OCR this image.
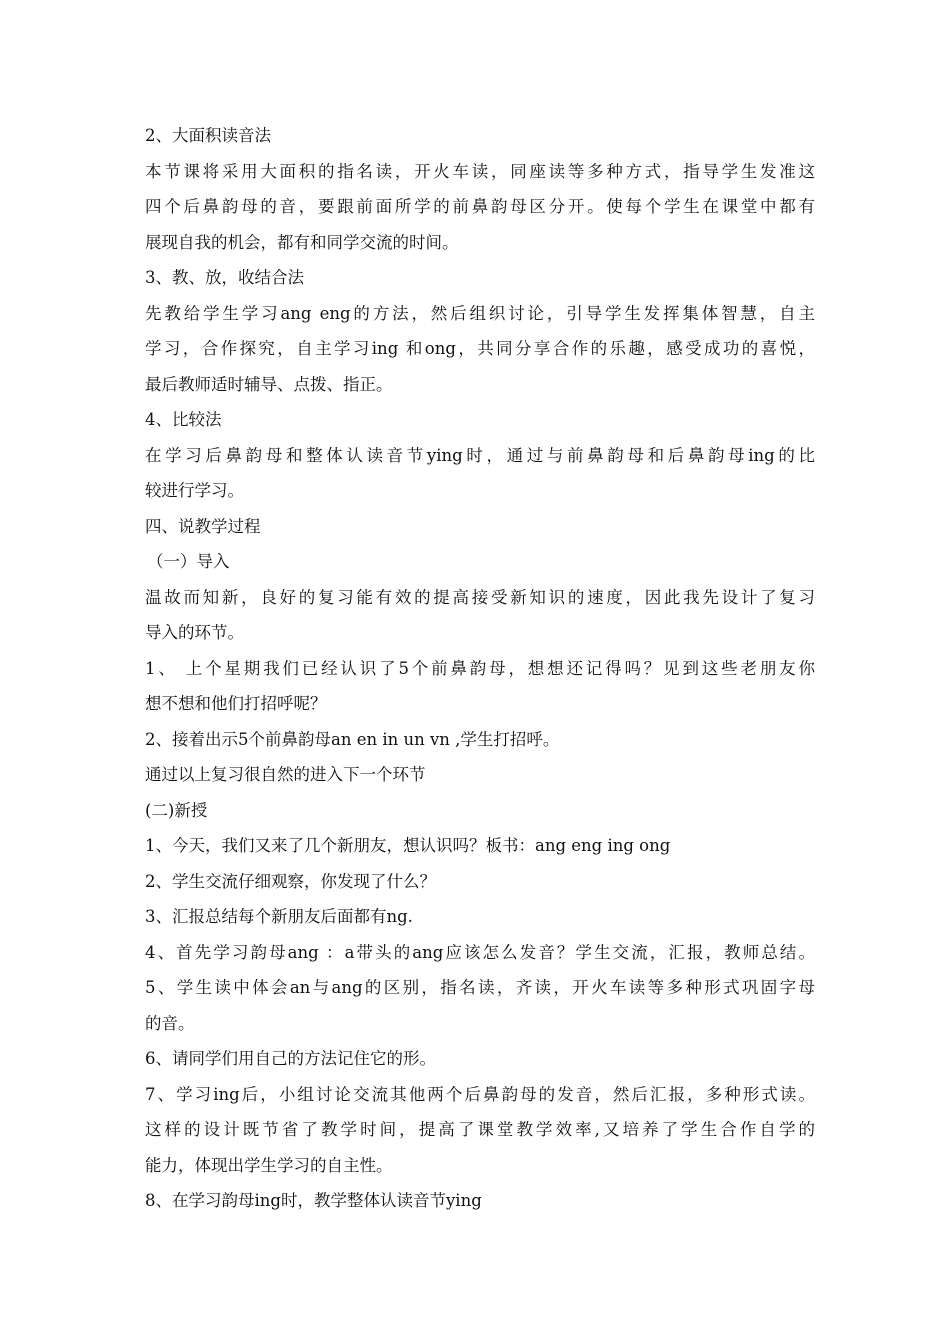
2、大面积读音法
本节课将采用大面积的指名读，开火车读，同座读等多种方式，指导学生发准这
四个后鼻韵母的音，要跟前面所学的前鼻韵母区分开。使每个学生在课堂中都有
展现自我的机会，都有和同学交流的时间。
3、教、放，收结合法
先教给学生学习ang eng的方法，然后组织讨论，引导学生发挥集体智慧，自主
学习，合作探究，自主学习ing 和ong，共同分享合作的乐趣，感受成功的喜悦，
最后教师适时辅导、点拨、指正。
4、比较法
在学习后鼻韵母和整体认读音节ying时，通过与前鼻韵母和后鼻韵母ing的比
较进行学习。
四、说教学过程
（一）导入
温故而知新，良好的复习能有效的提高接受新知识的速度，因此我先设计了复习
导入的环节。
1、 上个星期我们已经认识了5个前鼻韵母，想想还记得吗？见到这些老朋友你
想不想和他们打招呼呢？
2、接着出示5个前鼻韵母an en in un vn ,学生打招呼。
通过以上复习很自然的进入下一个环节
(二)新授
1、今天，我们又来了几个新朋友，想认识吗？板书：ang eng ing ong
2、学生交流仔细观察，你发现了什么？
3、汇报总结每个新朋友后面都有ng.
4、首先学习韵母ang ：a带头的ang应该怎么发音？学生交流，汇报，教师总结。
5、学生读中体会an与ang的区别，指名读，齐读，开火车读等多种形式巩固字母
的音。
6、请同学们用自己的方法记住它的形。
7、学习ing后，小组讨论交流其他两个后鼻韵母的发音，然后汇报，多种形式读。
这样的设计既节省了教学时间，提高了课堂教学效率,又培养了学生合作自学的
能力，体现出学生学习的自主性。
8、在学习韵母ing时，教学整体认读音节ying
